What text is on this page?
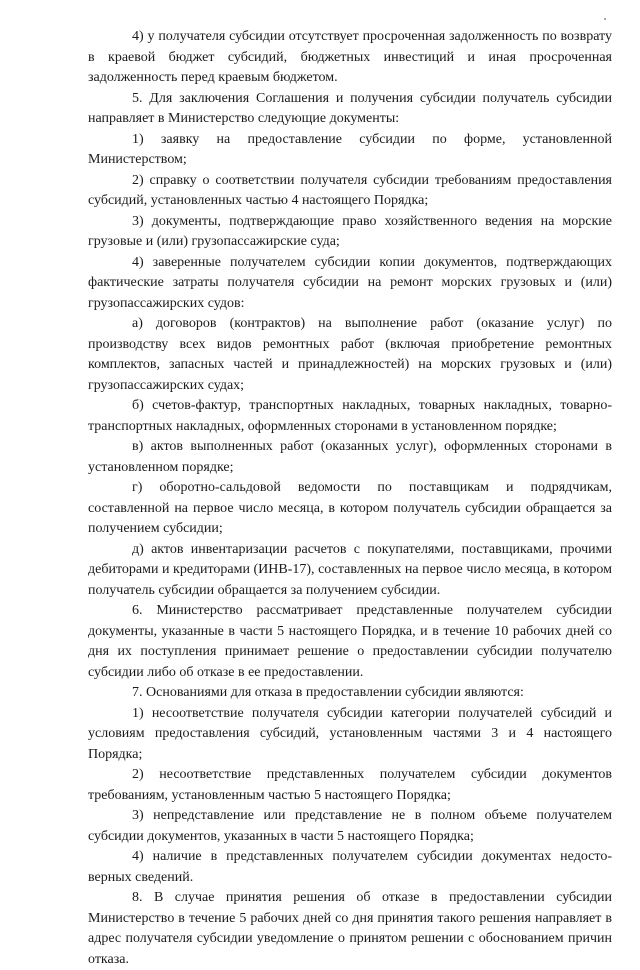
4) у получателя субсидии отсутствует просроченная задолженность по возврату в краевой бюджет субсидий, бюджетных инвестиций и иная просроченная задолженность перед краевым бюджетом.

5. Для заключения Соглашения и получения субсидии получатель субсидии направляет в Министерство следующие документы:

1) заявку на предоставление субсидии по форме, установленной Министерством;

2) справку о соответствии получателя субсидии требованиям предоставления субсидий, установленных частью 4 настоящего Порядка;

3) документы, подтверждающие право хозяйственного ведения на морские грузовые и (или) грузопассажирские суда;

4) заверенные получателем субсидии копии документов, подтверждающих фактические затраты получателя субсидии на ремонт морских грузовых и (или) грузопассажирских судов:

а) договоров (контрактов) на выполнение работ (оказание услуг) по производству всех видов ремонтных работ (включая приобретение ремонтных комплектов, запасных частей и принадлежностей) на морских грузовых и (или) грузопассажирских судах;

б) счетов-фактур, транспортных накладных, товарных накладных, товарно-транспортных накладных, оформленных сторонами в установленном порядке;

в) актов выполненных работ (оказанных услуг), оформленных сторонами в установленном порядке;

г) оборотно-сальдовой ведомости по поставщикам и подрядчикам, составленной на первое число месяца, в котором получатель субсидии обращается за получением субсидии;

д) актов инвентаризации расчетов с покупателями, поставщиками, прочими дебиторами и кредиторами (ИНВ-17), составленных на первое число месяца, в котором получатель субсидии обращается за получением субсидии.

6. Министерство рассматривает представленные получателем субсидии документы, указанные в части 5 настоящего Порядка, и в течение 10 рабочих дней со дня их поступления принимает решение о предоставлении субсидии получателю субсидии либо об отказе в ее предоставлении.

7. Основаниями для отказа в предоставлении субсидии являются:

1) несоответствие получателя субсидии категории получателей субсидий и условиям предоставления субсидий, установленным частями 3 и 4 настоящего Порядка;

2) несоответствие представленных получателем субсидии документов требованиям, установленным частью 5 настоящего Порядка;

3) непредставление или представление не в полном объеме получателем субсидии документов, указанных в части 5 настоящего Порядка;

4) наличие в представленных получателем субсидии документах недостоверных сведений.

8. В случае принятия решения об отказе в предоставлении субсидии Министерство в течение 5 рабочих дней со дня принятия такого решения направляет в адрес получателя субсидии уведомление о принятом решении с обоснованием причин отказа.
